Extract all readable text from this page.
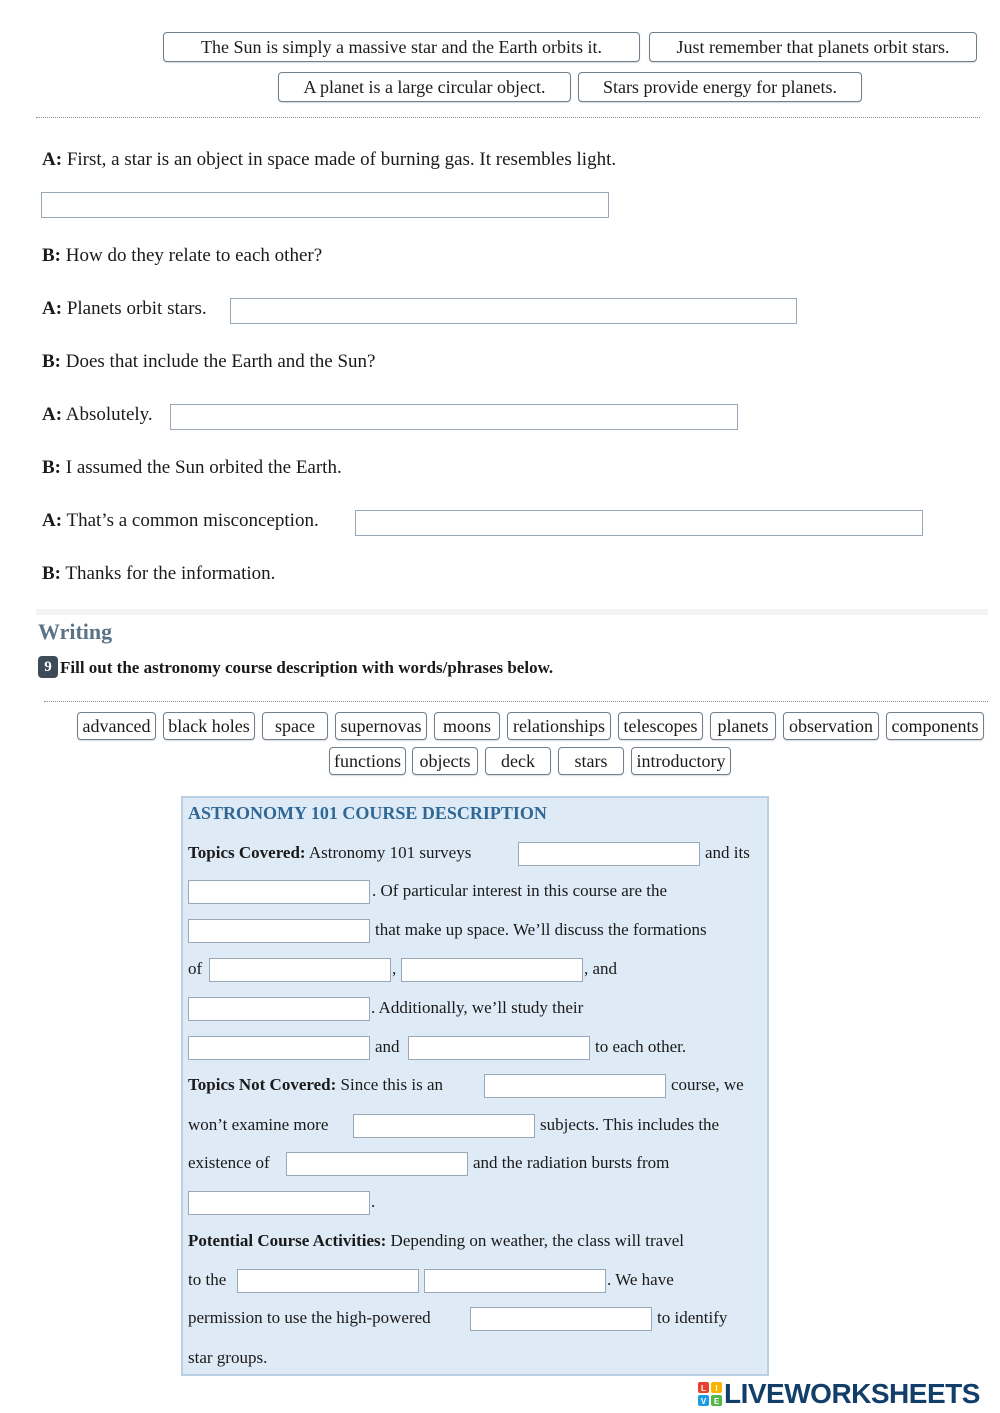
The Sun is simply a massive star and the Earth orbits it.	Just remember that planets orbit stars.
A planet is a large circular object.	Stars provide energy for planets.
A: First, a star is an object in space made of burning gas. It resembles light.
B: How do they relate to each other?
A: Planets orbit stars.
B: Does that include the Earth and the Sun?
A: Absolutely.
B: I assumed the Sun orbited the Earth.
A: That’s a common misconception.
B: Thanks for the information.
Writing
9 Fill out the astronomy course description with words/phrases below.
advanced black holes	space	supernovas	moons	relationships	telescopes	planets	observation	components
functions	objects	deck	stars	introductory
ASTRONOMY 101 COURSE DESCRIPTION
Topics Covered: Astronomy 101 surveys	and its
. Of particular interest in this course are the
that make up space. We’ll discuss the formations
of	,	, and
. Additionally, we’ll study their
and	to each other.
Topics Not Covered: Since this is an	course, we
won’t examine more	subjects. This includes the
existence of	and the radiation bursts from
.
Potential Course Activities: Depending on weather, the class will travel
to the	. We have
permission to use the high-powered	to identify
star groups.
L I
V E LIVEWORKSHEETS
